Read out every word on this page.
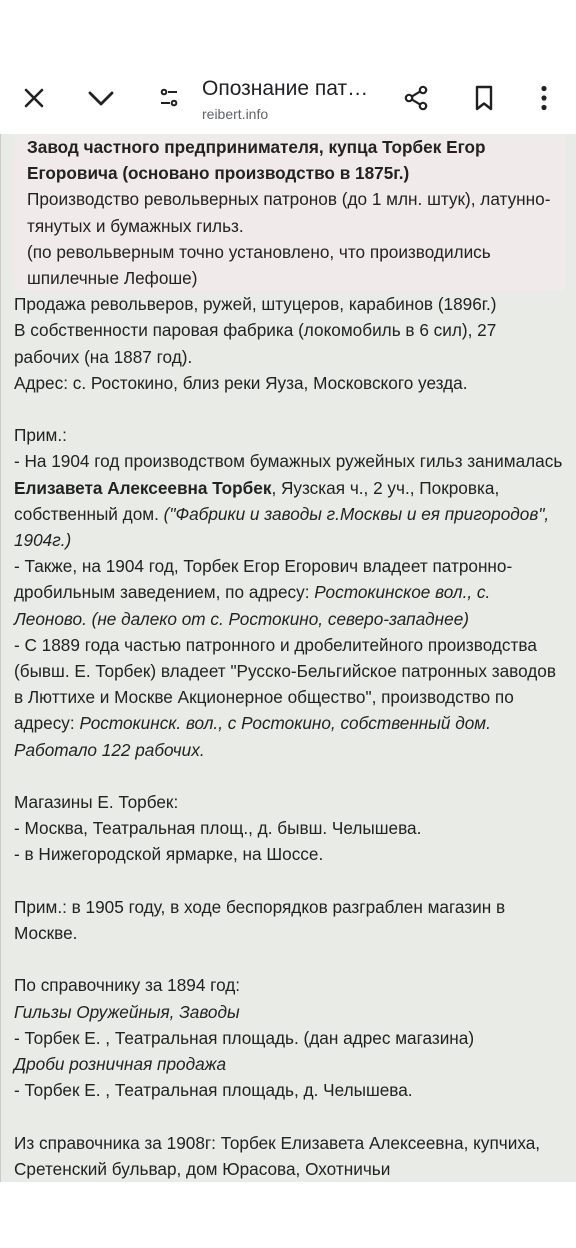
Опознание пат…
reibert.info

Завод частного предпринимателя, купца Торбек Егор Егоровича (основано производство в 1875г.)

Производство револьверных патронов (до 1 млн. штук), латунно-тянутых и бумажных гильз.

(по револьверным точно установлено, что производились шпилечные Лефоше)

Продажа револьверов, ружей, штуцеров, карабинов (1896г.)

В собственности паровая фабрика (локомобиль в 6 сил), 27 рабочих (на 1887 год).

Адрес: с. Ростокино, близ реки Яуза, Московского уезда.

Прим.:

- На 1904 год производством бумажных ружейных гильз занималась Елизавета Алексеевна Торбек, Яузская ч., 2 уч., Покровка, собственный дом. ("Фабрики и заводы г.Москвы и ея пригородов", 1904г.)

- Также, на 1904 год, Торбек Егор Егорович владеет патронно-дробильным заведением, по адресу: Ростокинское вол., с. Леоново. (не далеко от с. Ростокино, северо-западнее)

- С 1889 года частью патронного и дробелитейного производства (бывш. Е. Торбек) владеет "Русско-Бельгийское патронных заводов в Люттихе и Москве Акционерное общество", производство по адресу: Ростокинск. вол., с Ростокино, собственный дом. Работало 122 рабочих.

Магазины Е. Торбек:

- Москва, Театральная площ., д. бывш. Челышева.

- в Нижегородской ярмарке, на Шоссе.

Прим.: в 1905 году, в ходе беспорядков разграблен магазин в Москве.

По справочнику за 1894 год:

Гильзы Оружейныя, Заводы

- Торбек Е. , Театральная площадь. (дан адрес магазина)

Дроби розничная продажа

- Торбек Е. , Театральная площадь, д. Челышева.

Из справочника за 1908г: Торбек Елизавета Алексеевна, купчиха, Сретенский бульвар, дом Юрасова, Охотничьи
